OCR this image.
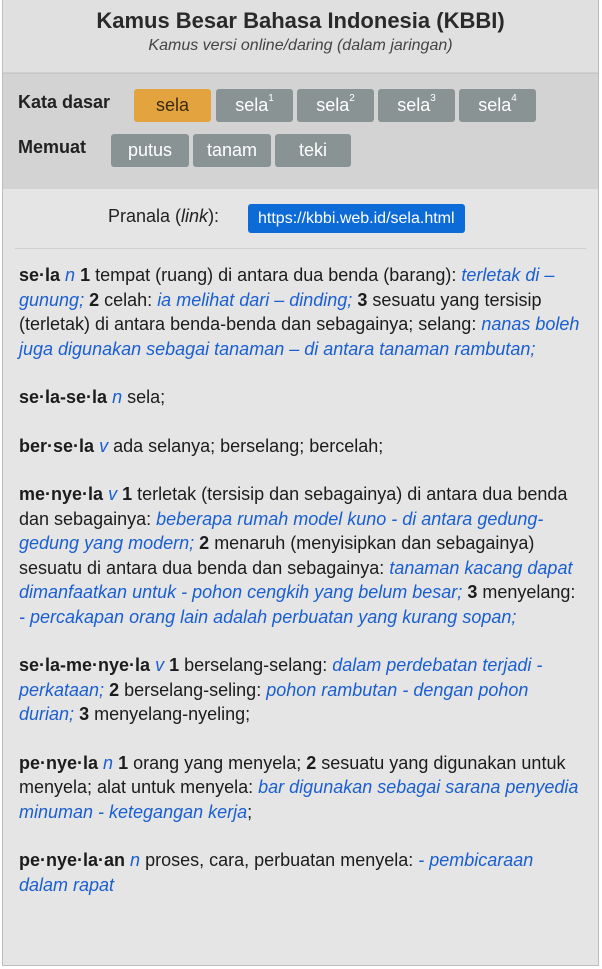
Kamus Besar Bahasa Indonesia (KBBI)
Kamus versi online/daring (dalam jaringan)
Kata dasar	sela	sela$^1$	sela$^2$	sela$^3$	sela$^4$
Memuat	putus	tanam	teki
Pranala (link):	https://kbbi.web.id/sela.html
se·la n 1 tempat (ruang) di antara dua benda (barang): terletak di – gunung; 2 celah: ia melihat dari – dinding; 3 sesuatu yang tersisip (terletak) di antara benda-benda dan sebagainya; selang: nanas boleh juga digunakan sebagai tanaman – di antara tanaman rambutan;
se·la-se·la n sela;
ber·se·la v ada selanya; berselang; bercelah;
me·nye·la v 1 terletak (tersisip dan sebagainya) di antara dua benda dan sebagainya: beberapa rumah model kuno - di antara gedung-gedung yang modern; 2 menaruh (menyisipkan dan sebagainya) sesuatu di antara dua benda dan sebagainya: tanaman kacang dapat dimanfaatkan untuk - pohon cengkih yang belum besar; 3 menyelang: - percakapan orang lain adalah perbuatan yang kurang sopan;
se·la-me·nye·la v 1 berselang-selang: dalam perdebatan terjadi - perkataan; 2 berselang-seling: pohon rambutan - dengan pohon durian; 3 menyelang-nyeling;
pe·nye·la n 1 orang yang menyela; 2 sesuatu yang digunakan untuk menyela; alat untuk menyela: bar digunakan sebagai sarana penyedia minuman - ketegangan kerja;
pe·nye·la·an n proses, cara, perbuatan menyela: - pembicaraan dalam rapat
